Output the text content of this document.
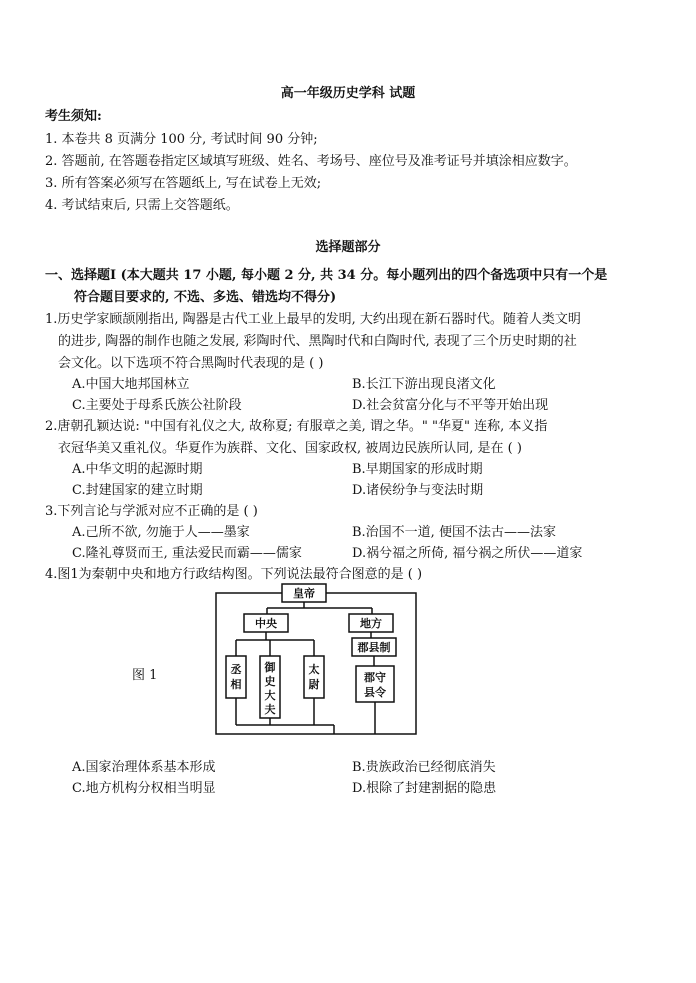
高一年级历史学科 试题
考生须知:
1. 本卷共 8 页满分 100 分, 考试时间 90 分钟;
2. 答题前, 在答题卷指定区域填写班级、姓名、考场号、座位号及准考证号并填涂相应数字。
3. 所有答案必须写在答题纸上, 写在试卷上无效;
4. 考试结束后, 只需上交答题纸。
选择题部分
一、选择题Ⅰ (本大题共 17 小题, 每小题 2 分, 共 34 分。每小题列出的四个备选项中只有一个是
符合题目要求的, 不选、多选、错选均不得分)
1.历史学家顾颉刚指出, 陶器是古代工业上最早的发明, 大约出现在新石器时代。随着人类文明
的进步, 陶器的制作也随之发展, 彩陶时代、黑陶时代和白陶时代, 表现了三个历史时期的社
会文化。以下选项不符合黑陶时代表现的是 ( )
A.中国大地邦国林立	B.长江下游出现良渚文化
C.主要处于母系氏族公社阶段	D.社会贫富分化与不平等开始出现
2.唐朝孔颖达说: "中国有礼仪之大, 故称夏; 有服章之美, 谓之华。" "华夏" 连称, 本义指
衣冠华美又重礼仪。华夏作为族群、文化、国家政权, 被周边民族所认同, 是在 ( )
A.中华文明的起源时期	B.早期国家的形成时期
C.封建国家的建立时期	D.诸侯纷争与变法时期
3.下列言论与学派对应不正确的是 ( )
A.己所不欲, 勿施于人——墨家	B.治国不一道, 便国不法古——法家
C.隆礼尊贤而王, 重法爱民而霸——儒家	D.祸兮福之所倚, 福兮祸之所伏——道家
4.图1为秦朝中央和地方行政结构图。下列说法最符合图意的是 ( )
图 1
皇帝
中央	地方
郡县制
丞
相
御
史
大
夫
太
尉
郡守
县令
A.国家治理体系基本形成	B.贵族政治已经彻底消失
C.地方机构分权相当明显	D.根除了封建割据的隐患
